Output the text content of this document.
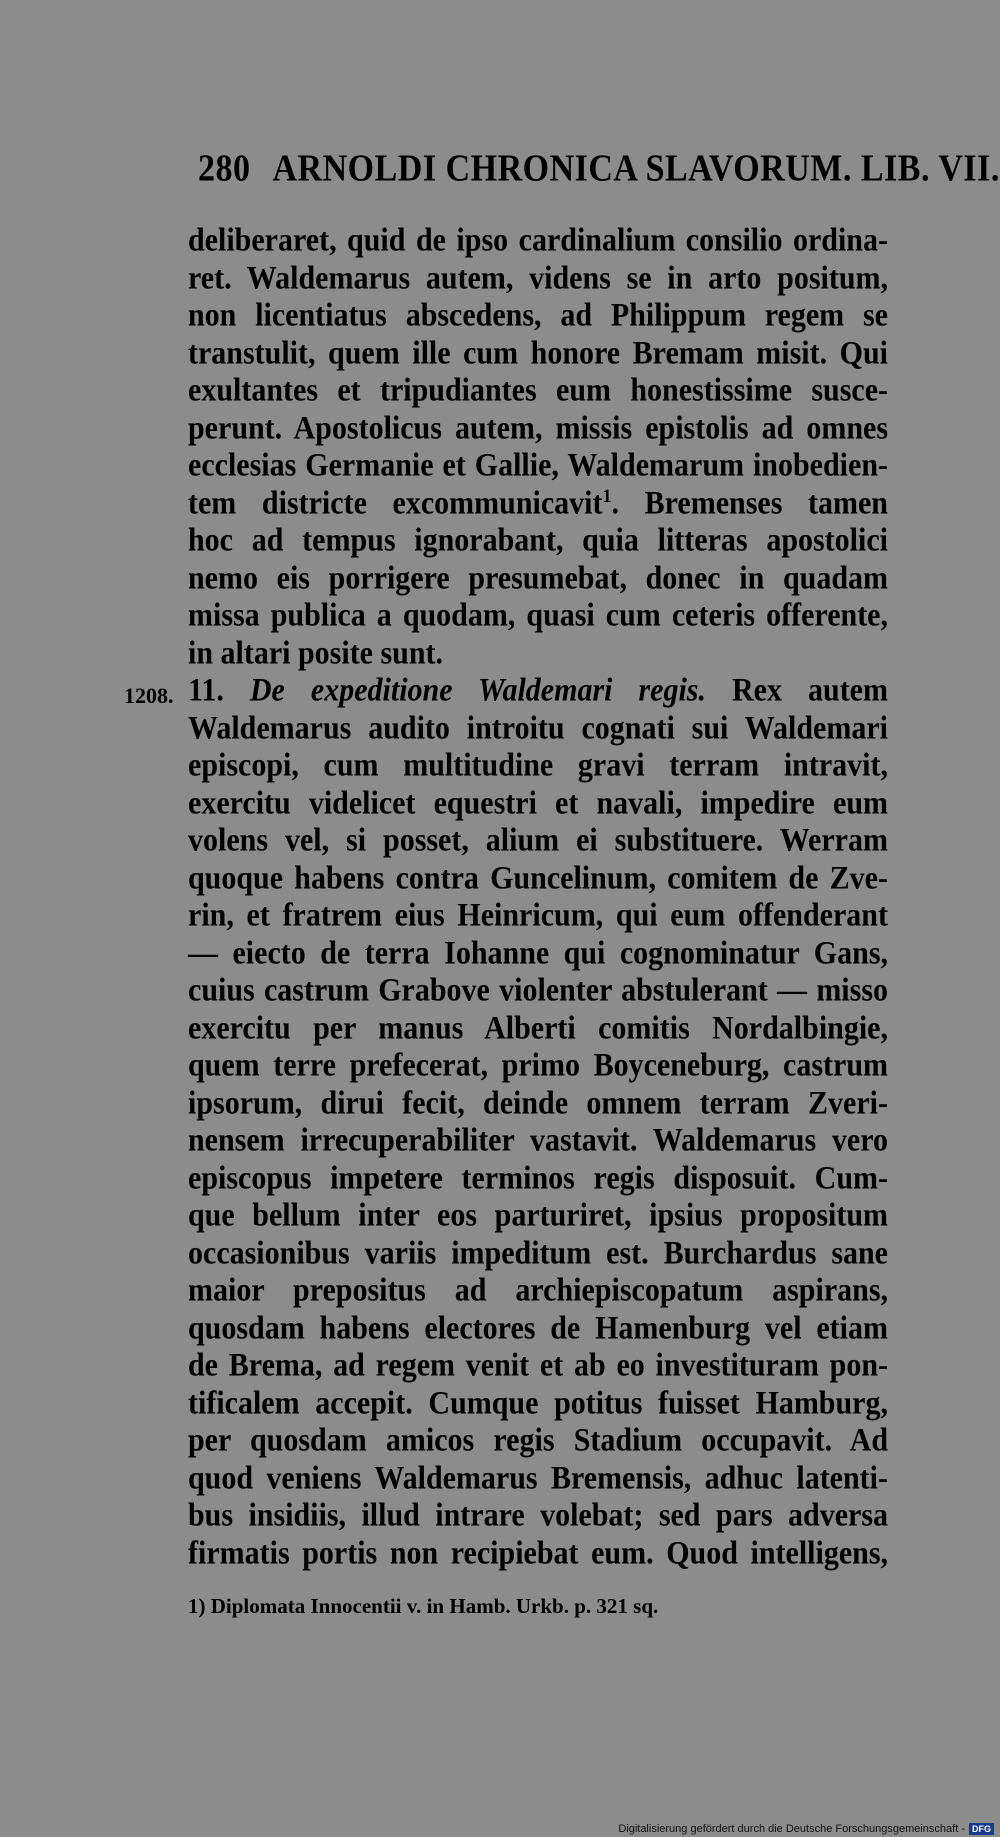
280 ARNOLDI CHRONICA SLAVORUM. LIB. VII.
1208.
deliberaret, quid de ipso cardinalium consilio ordina-
ret. Waldemarus autem, videns se in arto positum,
non licentiatus abscedens, ad Philippum regem se
transtulit, quem ille cum honore Bremam misit. Qui
exultantes et tripudiantes eum honestissime susce-
perunt. Apostolicus autem, missis epistolis ad omnes
ecclesias Germanie et Gallie, Waldemarum inobedien-
tem districte excommunicavit$^1$. Bremenses tamen
hoc ad tempus ignorabant, quia litteras apostolici
nemo eis porrigere presumebat, donec in quadam
missa publica a quodam, quasi cum ceteris offerente,
in altari posite sunt.
11. De expeditione Waldemari regis. Rex autem
Waldemarus audito introitu cognati sui Waldemari
episcopi, cum multitudine gravi terram intravit,
exercitu videlicet equestri et navali, impedire eum
volens vel, si posset, alium ei substituere. Werram
quoque habens contra Guncelinum, comitem de Zve-
rin, et fratrem eius Heinricum, qui eum offenderant
— eiecto de terra Iohanne qui cognominatur Gans,
cuius castrum Grabove violenter abstulerant — misso
exercitu per manus Alberti comitis Nordalbingie,
quem terre prefecerat, primo Boyceneburg, castrum
ipsorum, dirui fecit, deinde omnem terram Zveri-
nensem irrecuperabiliter vastavit. Waldemarus vero
episcopus impetere terminos regis disposuit. Cum-
que bellum inter eos parturiret, ipsius propositum
occasionibus variis impeditum est. Burchardus sane
maior prepositus ad archiepiscopatum aspirans,
quosdam habens electores de Hamenburg vel etiam
de Brema, ad regem venit et ab eo investituram pon-
tificalem accepit. Cumque potitus fuisset Hamburg,
per quosdam amicos regis Stadium occupavit. Ad
quod veniens Waldemarus Bremensis, adhuc latenti-
bus insidiis, illud intrare volebat; sed pars adversa
firmatis portis non recipiebat eum. Quod intelligens,
1) Diplomata Innocentii v. in Hamb. Urkb. p. 321 sq.
Digitalisierung gefördert durch die Deutsche Forschungsgemeinschaft - DFG
